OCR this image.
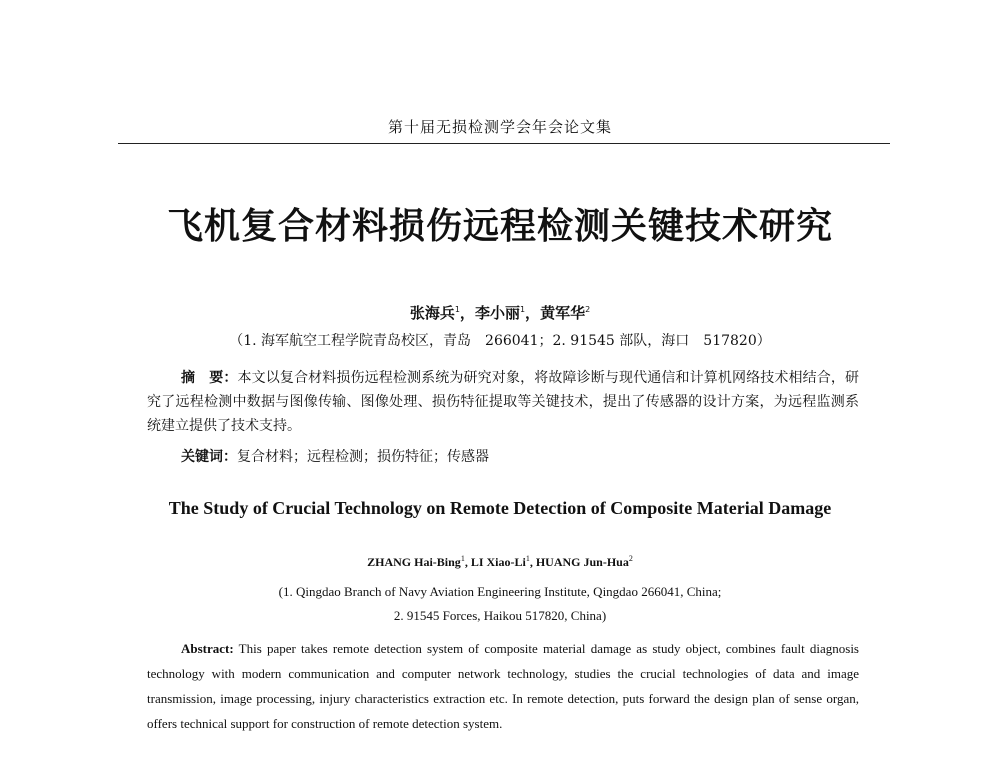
第十届无损检测学会年会论文集
飞机复合材料损伤远程检测关键技术研究
张海兵$^1$，李小丽$^1$，黄军华$^2$
（1. 海军航空工程学院青岛校区，青岛　266041；2. 91545 部队，海口　517820）
摘　要：本文以复合材料损伤远程检测系统为研究对象，将故障诊断与现代通信和计算机网络技术相结合，研究了远程检测中数据与图像传输、图像处理、损伤特征提取等关键技术，提出了传感器的设计方案，为远程监测系统建立提供了技术支持。
关键词：复合材料；远程检测；损伤特征；传感器
The Study of Crucial Technology on Remote Detection of Composite Material Damage
ZHANG Hai-Bing$^1$, LI Xiao-Li$^1$, HUANG Jun-Hua$^2$
(1. Qingdao Branch of Navy Aviation Engineering Institute, Qingdao 266041, China;
2. 91545 Forces, Haikou 517820, China)
Abstract: This paper takes remote detection system of composite material damage as study object, combines fault diagnosis technology with modern communication and computer network technology, studies the crucial technologies of data and image transmission, image processing, injury characteristics extraction etc. In remote detection, puts forward the design plan of sense organ, offers technical support for construction of remote detection system.
